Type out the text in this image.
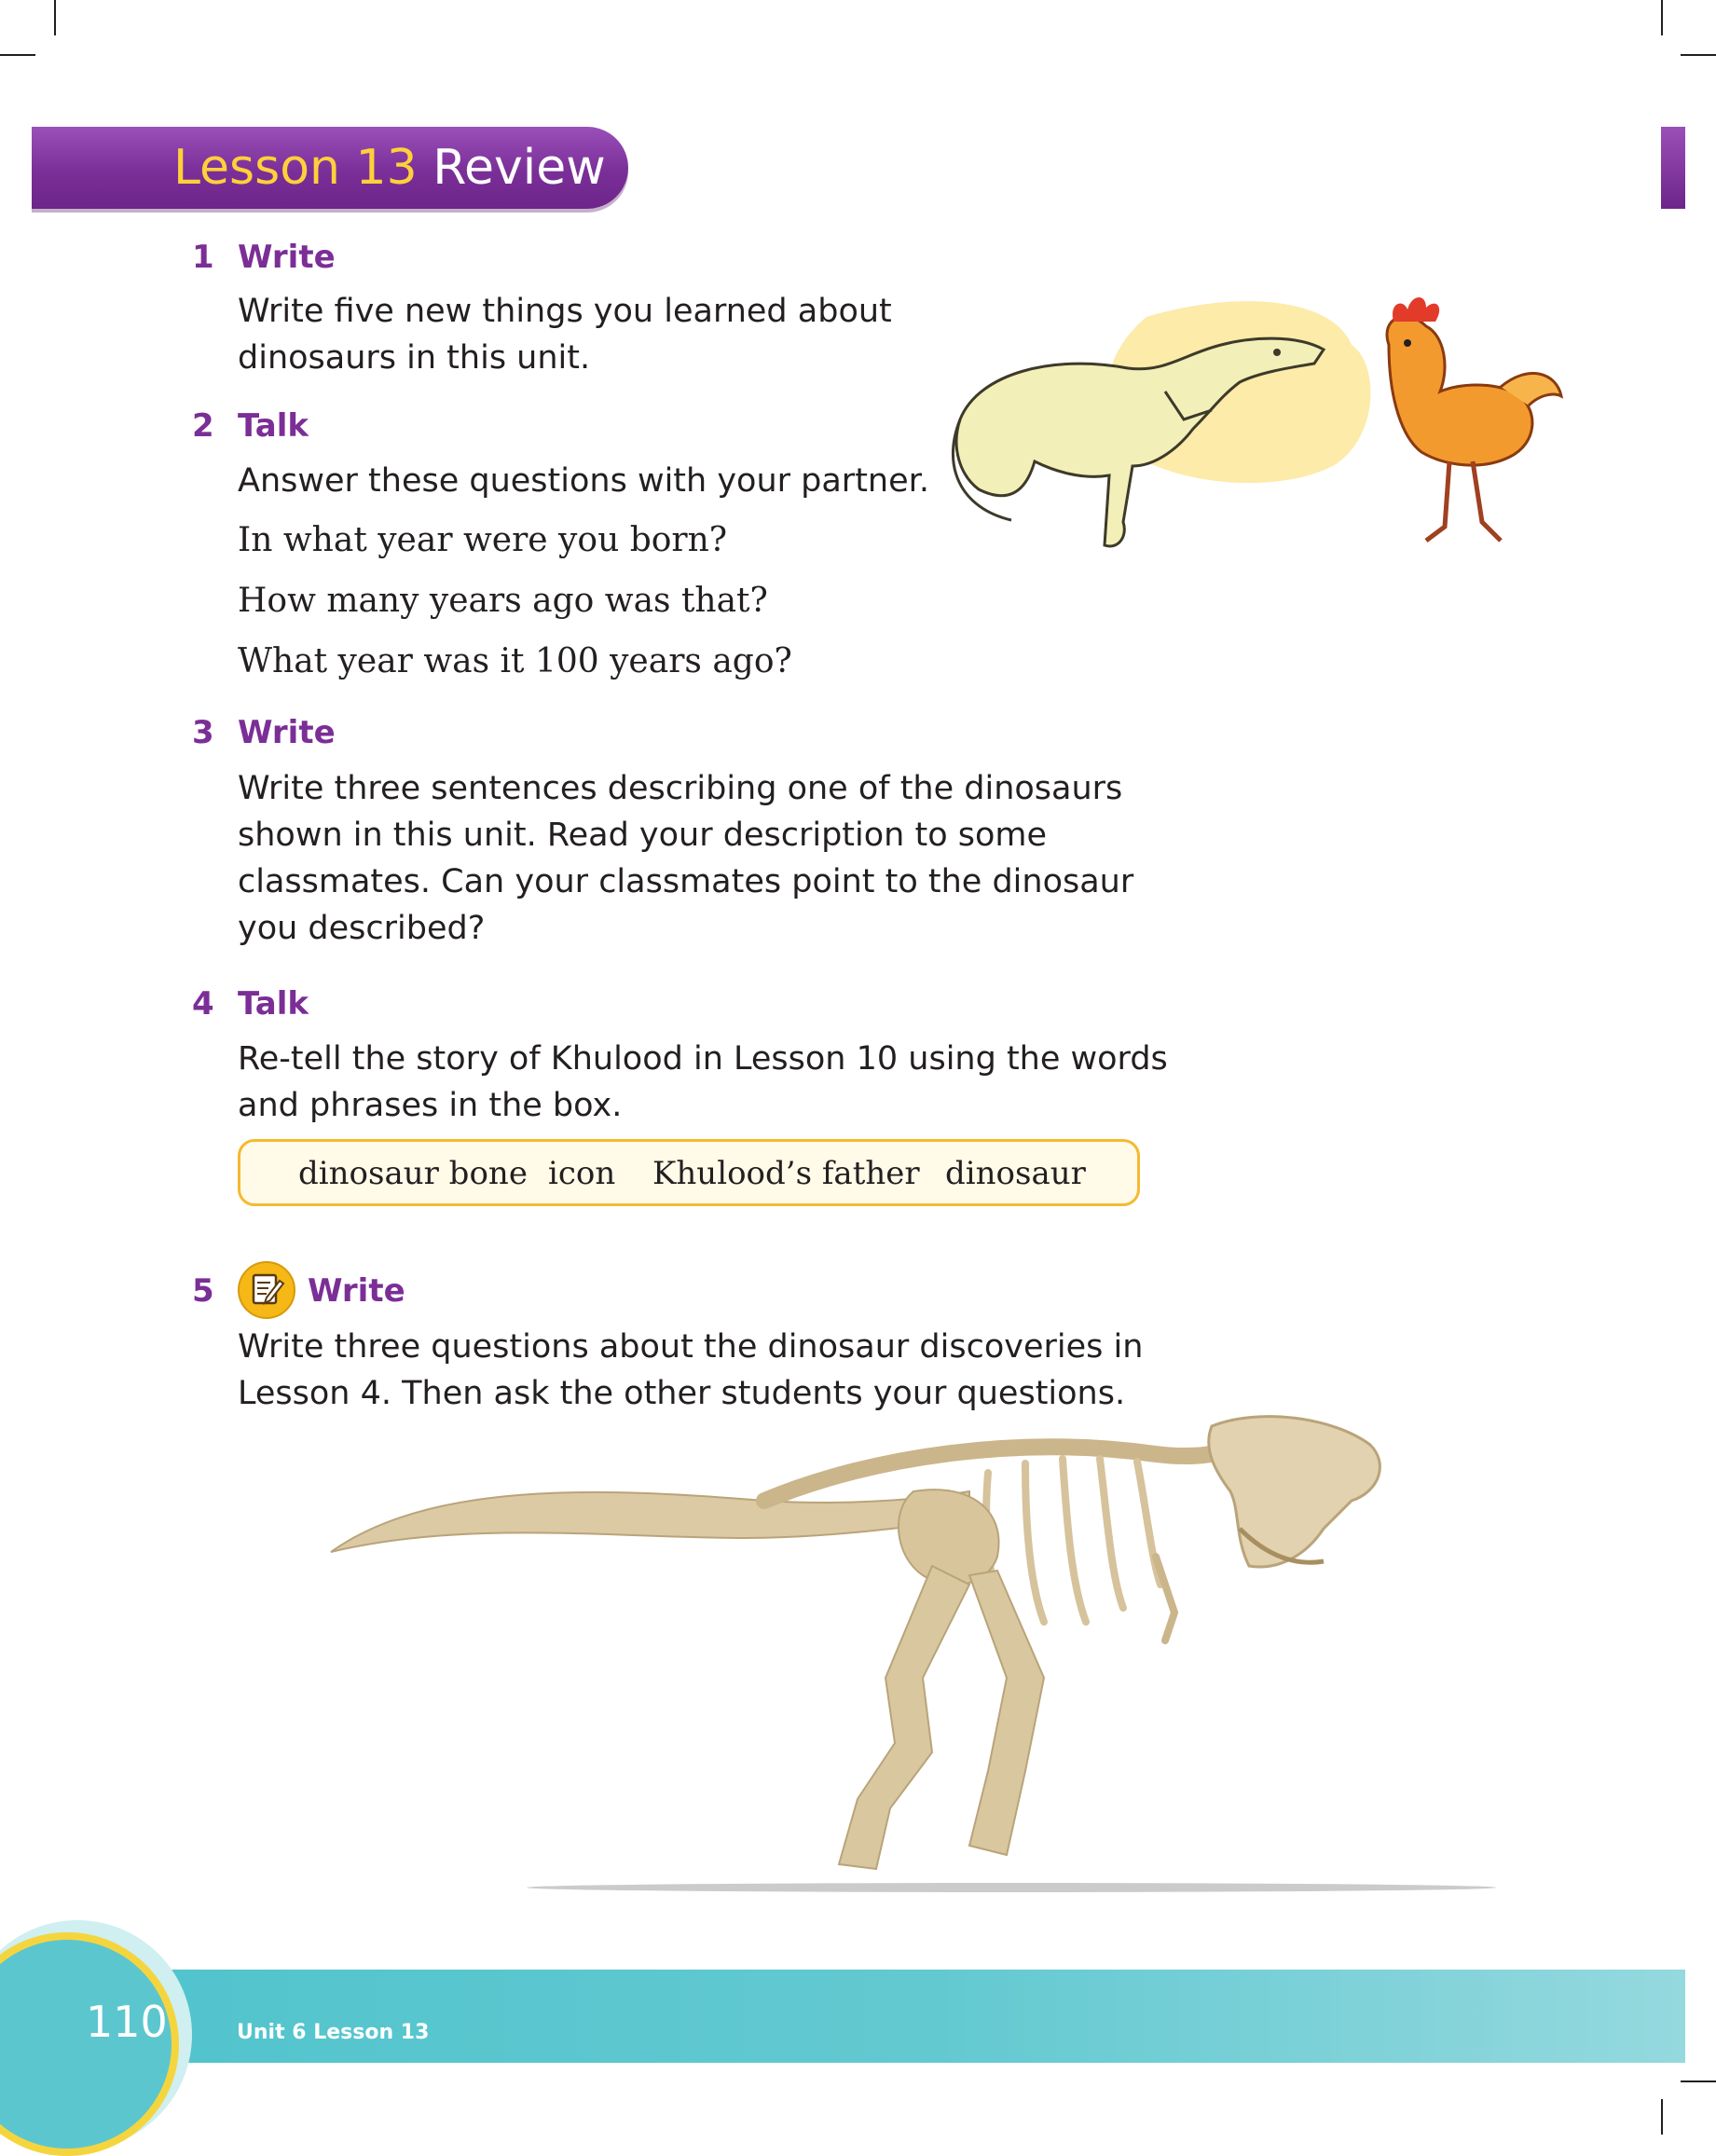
Lesson 13 Review
1 Write
Write five new things you learned about
dinosaurs in this unit.
2 Talk
Answer these questions with your partner.
In what year were you born?
How many years ago was that?
What year was it 100 years ago?
3 Write
Write three sentences describing one of the dinosaurs
shown in this unit. Read your description to some
classmates. Can your classmates point to the dinosaur
you described?
4 Talk
Re-tell the story of Khulood in Lesson 10 using the words
and phrases in the box.
dinosaur bone icon Khulood’s father dinosaur
5	Write
Write three questions about the dinosaur discoveries in
Lesson 4. Then ask the other students your questions.
110	Unit 6 Lesson 13
